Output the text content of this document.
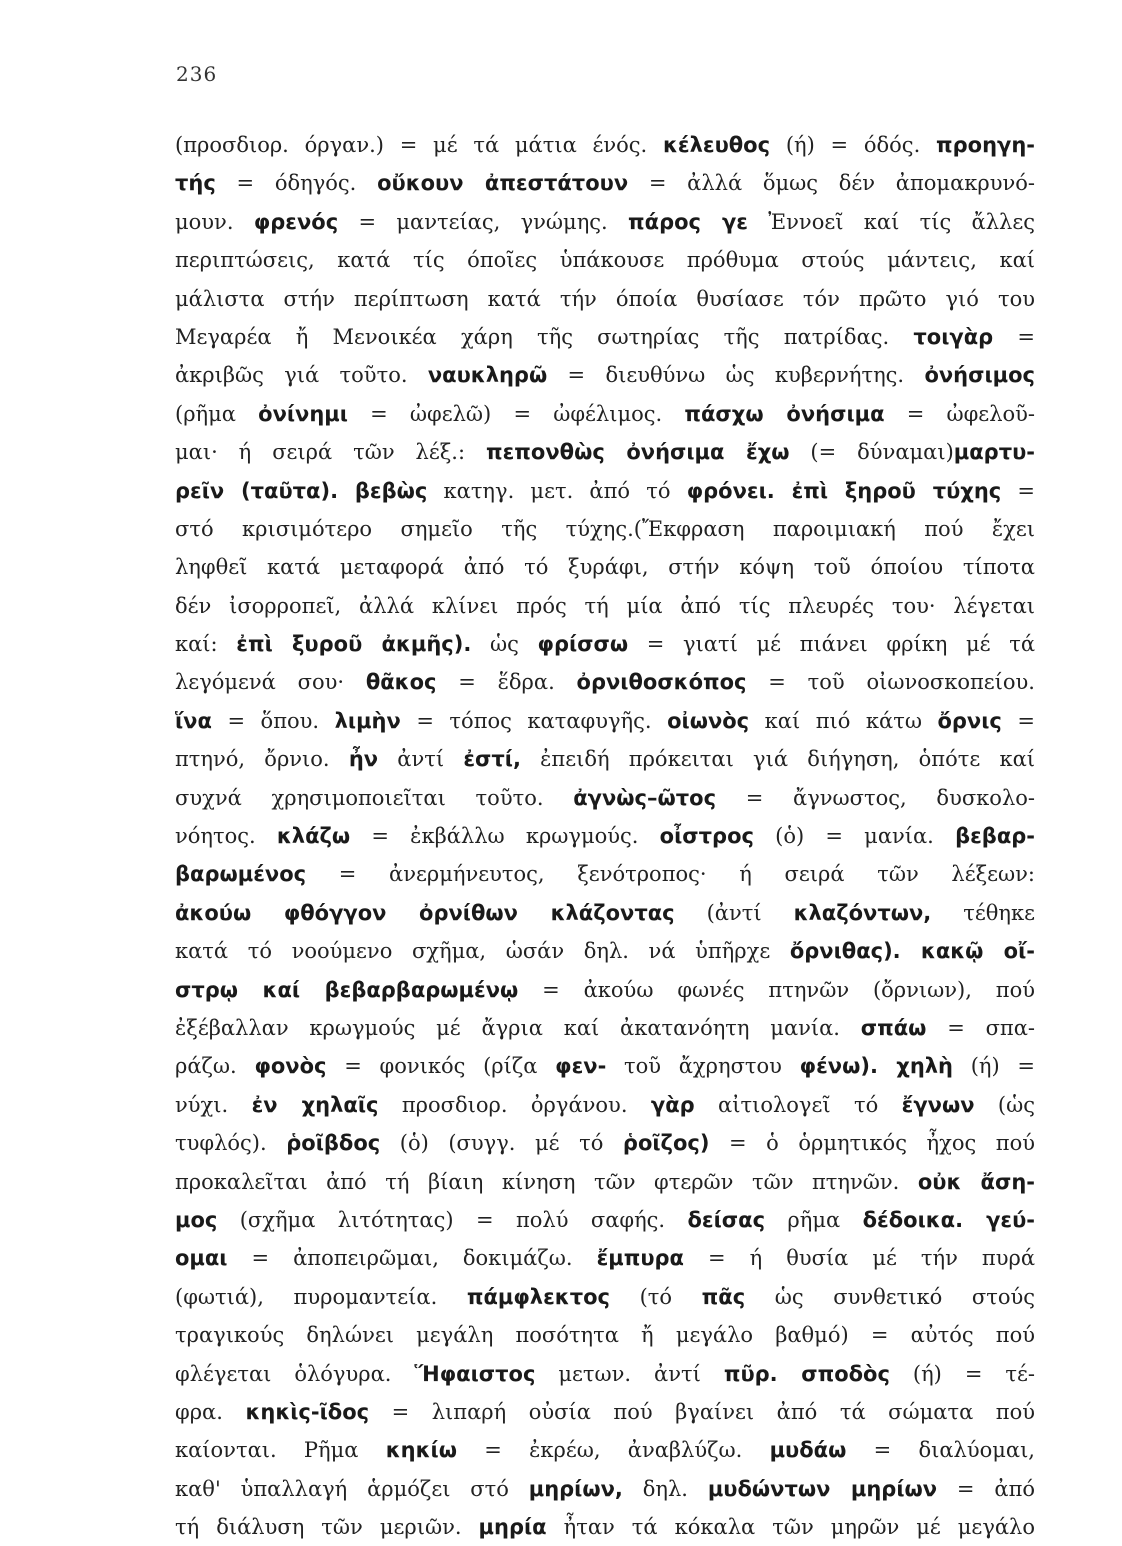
236
(προσδιορ. όργαν.) = μέ τά μάτια ένός. κέλευθος (ή) = όδός. προηγη-
τής = όδηγός. οὔκουν ἀπεστάτουν = ἀλλά ὅμως δέν ἀπομακρυνό-
μουν. φρενός = μαντείας, γνώμης. πάρος γε Ἐννοεῖ καί τίς ἄλλες
περιπτώσεις, κατά τίς όποῖες ὑπάκουσε πρόθυμα στούς μάντεις, καί
μάλιστα στήν περίπτωση κατά τήν όποία θυσίασε τόν πρῶτο γιό του
Μεγαρέα ἤ Μενοικέα χάρη τῆς σωτηρίας τῆς πατρίδας. τοιγὰρ =
ἀκριβῶς γιά τοῦτο. ναυκληρῶ = διευθύνω ὡς κυβερνήτης. ὀνήσιμος
(ρῆμα ὀνίνημι = ὠφελῶ) = ὠφέλιμος. πάσχω ὀνήσιμα = ὠφελοῦ-
μαι· ή σειρά τῶν λέξ.: πεπονθὼς ὀνήσιμα ἔχω (= δύναμαι)μαρτυ-
ρεῖν (ταῦτα). βεβὼς κατηγ. μετ. ἀπό τό φρόνει. ἐπὶ ξηροῦ τύχης =
στό κρισιμότερο σημεῖο τῆς τύχης.(Ἔκφραση παροιμιακή πού ἔχει
ληφθεῖ κατά μεταφορά ἀπό τό ξυράφι, στήν κόψη τοῦ όποίου τίποτα
δέν ἰσορροπεῖ, ἀλλά κλίνει πρός τή μία ἀπό τίς πλευρές του· λέγεται
καί: ἐπὶ ξυροῦ ἀκμῆς). ὡς φρίσσω = γιατί μέ πιάνει φρίκη μέ τά
λεγόμενά σου· θᾶκος = ἕδρα. ὀρνιθοσκόπος = τοῦ οἰωνοσκοπείου.
ἵνα = ὅπου. λιμὴν = τόπος καταφυγῆς. οἰωνὸς καί πιό κάτω ὄρνις =
πτηνό, ὄρνιο. ἦν ἀντί ἐστί, ἐπειδή πρόκειται γιά διήγηση, ὁπότε καί
συχνά χρησιμοποιεῖται τοῦτο. ἀγνὼς–ῶτος = ἄγνωστος, δυσκολο-
νόητος. κλάζω = ἐκβάλλω κρωγμούς. οἶστρος (ὁ) = μανία. βεβαρ-
βαρωμένος = ἀνερμήνευτος, ξενότροπος· ή σειρά τῶν λέξεων:
ἀκούω φθόγγον ὀρνίθων κλάζοντας (ἀντί κλαζόντων, τέθηκε
κατά τό νοούμενο σχῆμα, ὡσάν δηλ. νά ὑπῆρχε ὄρνιθας). κακῷ οἴ-
στρῳ καί βεβαρβαρωμένῳ = ἀκούω φωνές πτηνῶν (ὄρνιων), πού
ἐξέβαλλαν κρωγμούς μέ ἄγρια καί ἀκατανόητη μανία. σπάω = σπα-
ράζω. φονὸς = φονικός (ρίζα φεν- τοῦ ἄχρηστου φένω). χηλὴ (ή) =
νύχι. ἐν χηλαῖς προσδιορ. ὀργάνου. γὰρ αἰτιολογεῖ τό ἔγνων (ὡς
τυφλός). ῥοῖβδος (ὁ) (συγγ. μέ τό ῥοῖζος) = ὁ ὁρμητικός ἦχος πού
προκαλεῖται ἀπό τή βίαιη κίνηση τῶν φτερῶν τῶν πτηνῶν. οὐκ ἄση-
μος (σχῆμα λιτότητας) = πολύ σαφής. δείσας ρῆμα δέδοικα. γεύ-
ομαι = ἀποπειρῶμαι, δοκιμάζω. ἔμπυρα = ή θυσία μέ τήν πυρά
(φωτιά), πυρομαντεία. πάμφλεκτος (τό πᾶς ὡς συνθετικό στούς
τραγικούς δηλώνει μεγάλη ποσότητα ἤ μεγάλο βαθμό) = αὐτός πού
φλέγεται ὁλόγυρα. Ἥφαιστος μετων. ἀντί πῦρ. σποδὸς (ή) = τέ-
φρα. κηκὶς-ῖδος = λιπαρή οὐσία πού βγαίνει ἀπό τά σώματα πού
καίονται. Ρῆμα κηκίω = ἐκρέω, ἀναβλύζω. μυδάω = διαλύομαι,
καθ' ὑπαλλαγή ἁρμόζει στό μηρίων, δηλ. μυδώντων μηρίων = ἀπό
τή διάλυση τῶν μεριῶν. μηρία ἦταν τά κόκαλα τῶν μηρῶν μέ μεγάλο
